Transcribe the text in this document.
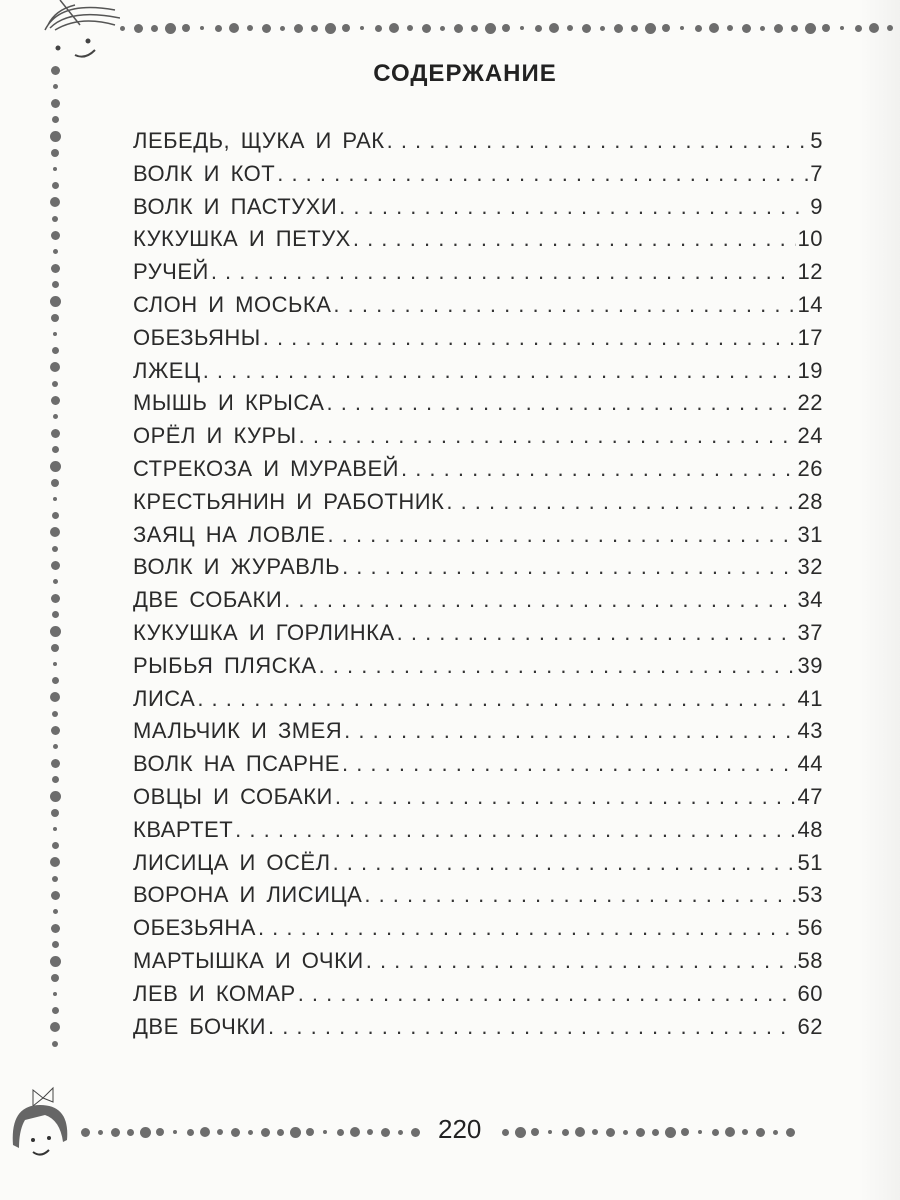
СОДЕРЖАНИЕ
ЛЕБЕДЬ, ЩУКА И РАК . . .	5
ВОЛК И КОТ . . .	7
ВОЛК И ПАСТУХИ . . .	9
КУКУШКА И ПЕТУХ . . .	10
РУЧЕЙ . . .	12
СЛОН И МОСЬКА . . .	14
ОБЕЗЬЯНЫ . . .	17
ЛЖЕЦ . . .	19
МЫШЬ И КРЫСА . . .	22
ОРЁЛ И КУРЫ . . .	24
СТРЕКОЗА И МУРАВЕЙ . . .	26
КРЕСТЬЯНИН И РАБОТНИК . . .	28
ЗАЯЦ НА ЛОВЛЕ . . .	31
ВОЛК И ЖУРАВЛЬ . . .	32
ДВЕ СОБАКИ . . .	34
КУКУШКА И ГОРЛИНКА . . .	37
РЫБЬЯ ПЛЯСКА . . .	39
ЛИСА . . .	41
МАЛЬЧИК И ЗМЕЯ . . .	43
ВОЛК НА ПСАРНЕ . . .	44
ОВЦЫ И СОБАКИ . . .	47
КВАРТЕТ . . .	48
ЛИСИЦА И ОСЁЛ . . .	51
ВОРОНА И ЛИСИЦА . . .	53
ОБЕЗЬЯНА . . .	56
МАРТЫШКА И ОЧКИ . . .	58
ЛЕВ И КОМАР . . .	60
ДВЕ БОЧКИ . . .	62
220
